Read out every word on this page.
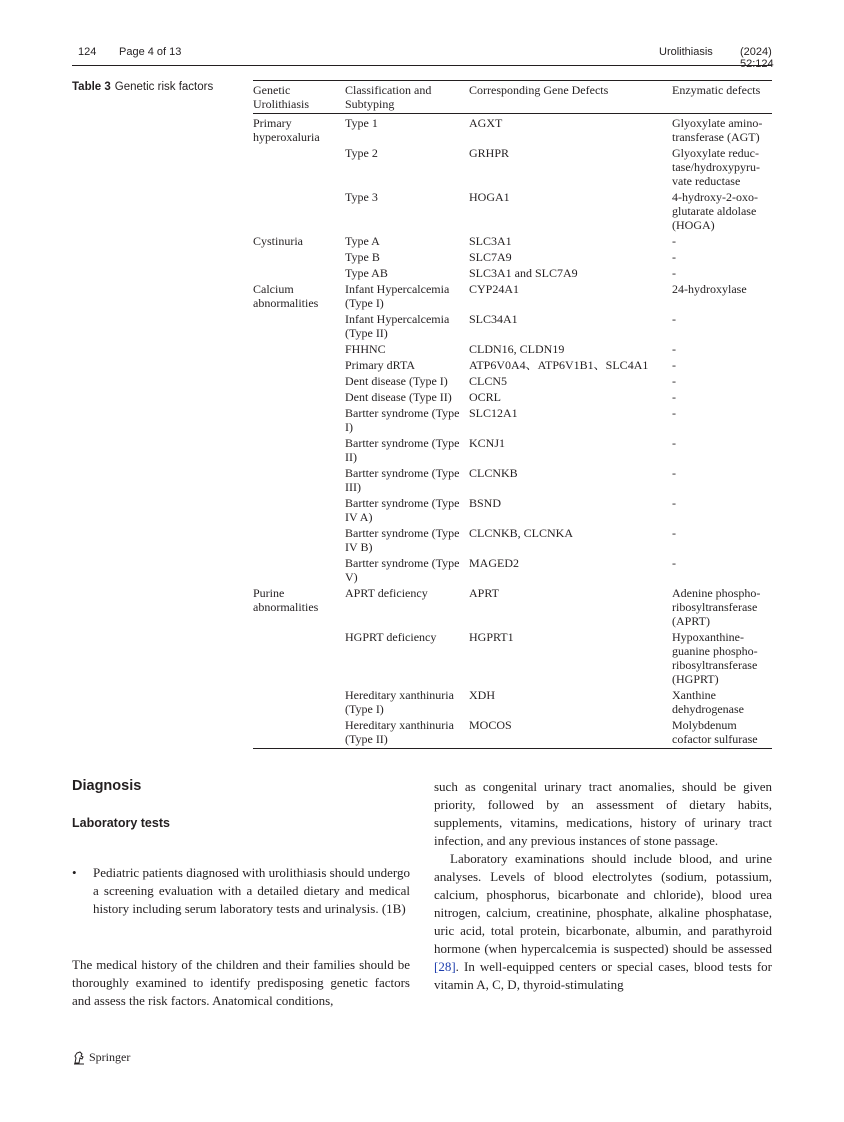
124 Page 4 of 13	Urolithiasis (2024) 52:124
Table 3 Genetic risk factors	Genetic Urolithiasis	Classification and Subtyping	Corresponding Gene Defects	Enzymatic defects
Primary hyperoxaluria	Type 1	AGXT	Glyoxylate amino-transferase (AGT)
	Type 2	GRHPR	Glyoxylate reduc-tase/hydroxypyru-vate reductase
	Type 3	HOGA1	4-hydroxy-2-oxo-glutarate aldolase (HOGA)
Cystinuria	Type A	SLC3A1	-
	Type B	SLC7A9	-
	Type AB	SLC3A1 and SLC7A9	-
Calcium abnormalities	Infant Hypercalcemia (Type I)	CYP24A1	24-hydroxylase
	Infant Hypercalcemia (Type II)	SLC34A1	-
	FHHNC	CLDN16, CLDN19	-
	Primary dRTA	ATP6V0A4、ATP6V1B1、SLC4A1	-
	Dent disease (Type I)	CLCN5	-
	Dent disease (Type II)	OCRL	-
	Bartter syndrome (Type I)	SLC12A1	-
	Bartter syndrome (Type II)	KCNJ1	-
	Bartter syndrome (Type III)	CLCNKB	-
	Bartter syndrome (Type IV A)	BSND	-
	Bartter syndrome (Type IV B)	CLCNKB, CLCNKA	-
	Bartter syndrome (Type V)	MAGED2	-
Purine abnormalities	APRT deficiency	APRT	Adenine phospho-ribosyltransferase (APRT)
	HGPRT deficiency	HGPRT1	Hypoxanthine-guanine phospho-ribosyltransferase (HGPRT)
	Hereditary xanthinuria (Type I)	XDH	Xanthine dehydrogenase
	Hereditary xanthinuria (Type II)	MOCOS	Molybdenum cofactor sulfurase
Diagnosis
Laboratory tests
• Pediatric patients diagnosed with urolithiasis should undergo a screening evaluation with a detailed dietary and medical history including serum laboratory tests and urinalysis. (1B)

The medical history of the children and their families should be thoroughly examined to identify predisposing genetic factors and assess the risk factors. Anatomical conditions,

such as congenital urinary tract anomalies, should be given priority, followed by an assessment of dietary habits, supplements, vitamins, medications, history of urinary tract infection, and any previous instances of stone passage.

Laboratory examinations should include blood, and urine analyses. Levels of blood electrolytes (sodium, potassium, calcium, phosphorus, bicarbonate and chloride), blood urea nitrogen, calcium, creatinine, phosphate, alkaline phosphatase, uric acid, total protein, bicarbonate, albumin, and parathyroid hormone (when hypercalcemia is suspected) should be assessed [28]. In well-equipped centers or special cases, blood tests for vitamin A, C, D, thyroid-stimulating

Springer
